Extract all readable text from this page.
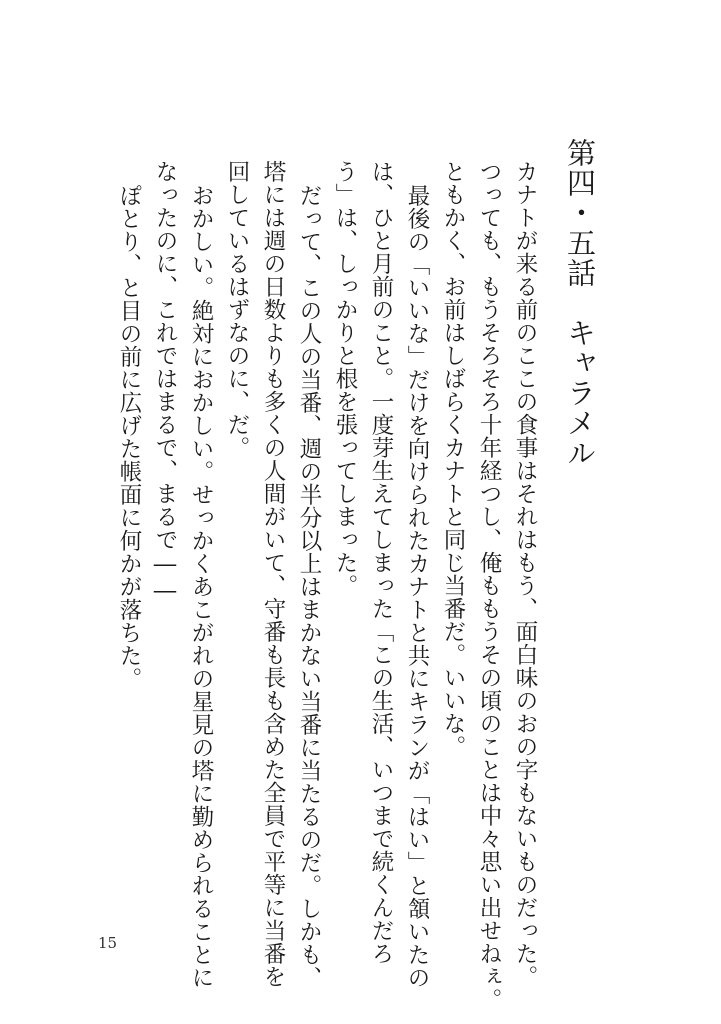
第四・五話　キャラメル
カナトが来る前のここの食事はそれはもう、面白味のおの字もないものだった。
つっても、もうそろそろ十年経つし、俺ももうその頃のことは中々思い出せねぇ。
ともかく、お前はしばらくカナトと同じ当番だ。いいな。
最後の「いいな」だけを向けられたカナトと共にキランが「はい」と頷いたの
は、ひと月前のこと。一度芽生えてしまった「この生活、いつまで続くんだろ
う」は、しっかりと根を張ってしまった。
だって、この人の当番、週の半分以上はまかない当番に当たるのだ。しかも、
塔には週の日数よりも多くの人間がいて、守番も長も含めた全員で平等に当番を
回しているはずなのに、だ。
おかしい。絶対におかしい。せっかくあこがれの星見の塔に勤められることに
なったのに、これではまるで、まるで――
ぽとり、と目の前に広げた帳面に何かが落ちた。
15
